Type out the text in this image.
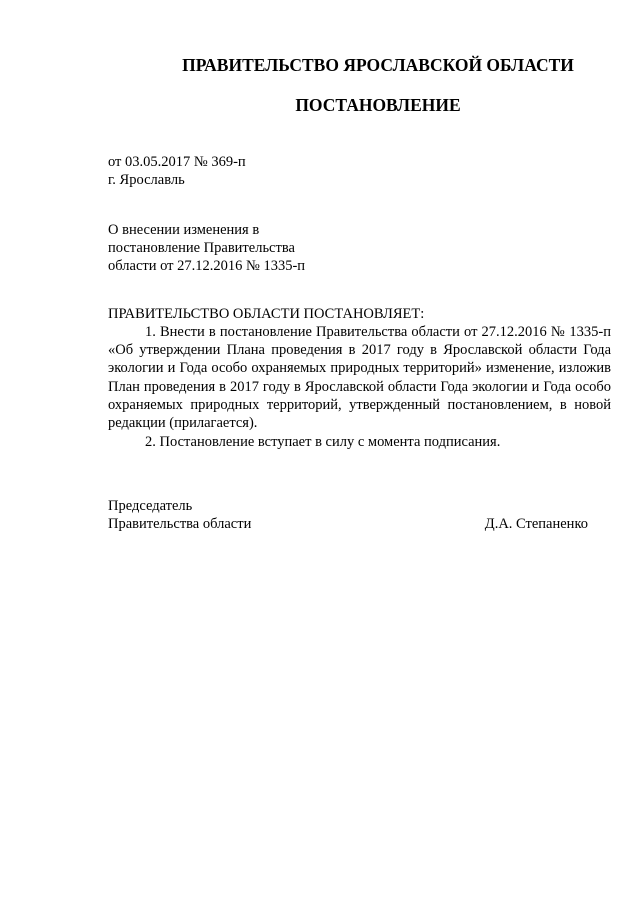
ПРАВИТЕЛЬСТВО ЯРОСЛАВСКОЙ ОБЛАСТИ
ПОСТАНОВЛЕНИЕ
от 03.05.2017 № 369-п
г. Ярославль
О внесении изменения в
постановление Правительства
области от 27.12.2016 № 1335-п
ПРАВИТЕЛЬСТВО ОБЛАСТИ ПОСТАНОВЛЯЕТ:
1. Внести в постановление Правительства области от 27.12.2016 № 1335-п «Об утверждении Плана проведения в 2017 году в Ярославской области Года экологии и Года особо охраняемых природных территорий» изменение, изложив План проведения в 2017 году в Ярославской области Года экологии и Года особо охраняемых природных территорий, утвержденный постановлением, в новой редакции (прилагается).
2. Постановление вступает в силу с момента подписания.
Председатель
Правительства области	Д.А. Степаненко
